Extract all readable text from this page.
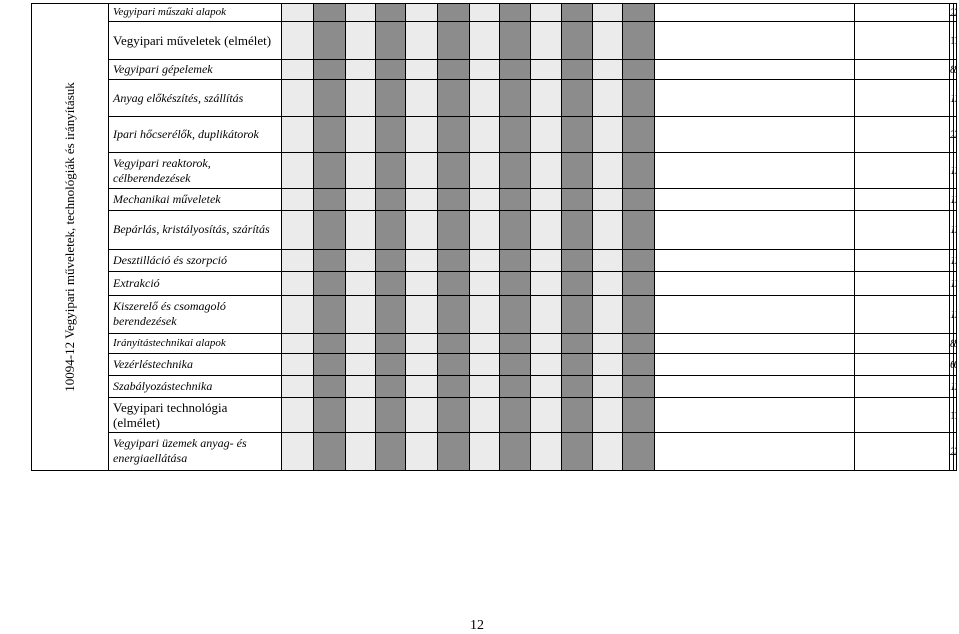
10094-12 Vegyipari műveletek, technológiák és irányításuk	Vegyipari műszaki alapok																
	Vegyipari műveletek (elmélet)																
	Vegyipari gépelemek																
	Anyag előkészítés, szállítás																
	Ipari hőcserélők, duplikátorok																
	Vegyipari reaktorok, célberendezések																
	Mechanikai műveletek																
	Bepárlás, kristályosítás, szárítás																
	Desztilláció és szorpció																
	Extrakció																
	Kiszerelő és csomagoló berendezések																
	Irányítástechnikai alapok																
	Vezérléstechnika																
	Szabályozástechnika																
	Vegyipari technológia (elmélet)																
	Vegyipari üzemek anyag- és energiaellátása																
12
